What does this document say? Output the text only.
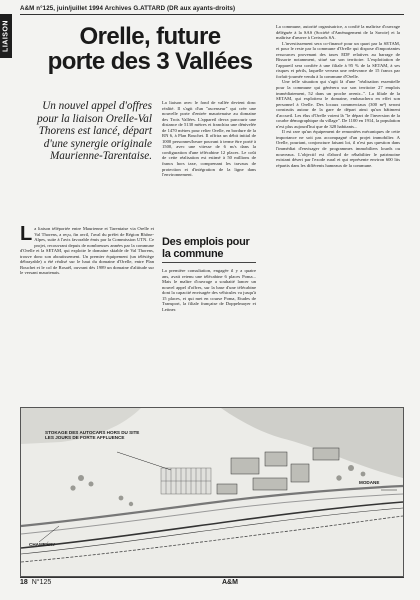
A&M n°125, juin/juillet 1994 Archives G.ATTARD (DR aux ayants-droits)
LIAISON	Orelle, future
porte des 3 Vallées
Un nouvel appel d'offres pour la liaison Orelle-Val Thorens est lancé, départ d'une synergie originale Maurienne-Tarentaise.

La liaison avec le fond de vallée devient donc réalité. Il s'agit d'un "ascenseur" qui crée une nouvelle porte d'entrée maurienaise au domaine des Trois Vallées. L'appareil devra parcourir une distance de 5130 mètres et franchira une dénivelée de 1470 mètres pour relier Orelle, en bordure de la RN 6, à Plan Bouchet. Il offrira un débit initial de 1000 personnes/heure pouvant à terme être porté à 1500, avec une vitesse de 6 m/s dans la configuration d'une télécabine 12 places. Le coût de cette réalisation est estimé à 50 millions de francs hors taxe, comprenant les travaux de protection et d'intégration de la ligne dans l'environnement.

Des emplois pour
la commune

La première consultation, engagée il y a quatre ans, avait retenu une télécabine 6 places Poma... Mais le maître d'ouvrage a souhaité lancer un nouvel appel d'offres, sur la base d'une télécabine dont la capacité envisagée des véhicules va jusqu'à 15 places, et qui met en course Poma, Etudes de Transport, la filiale française de Doppelmayer et Leitner.

La liaison téléportée entre Maurienne et Tarentaise via Orelle et Val Thorens, a reçu, fin avril, l'aval du préfet de Région Rhône-Alpes, suite à l'avis favorable émis par la Commission UTN. Ce projet, recouvrant depuis de nombreuses années par la commune d'Orelle et la SETAM, qui exploite le domaine skiable de Val Thorens, trouve donc son aboutissement. Un premier équipement (un télésiège débrayable) a été réalisé sur le haut du domaine d'Orelle, entre Plan Bouchet et le col de Rosaël, ouvrant dès 1989 un domaine d'altitude sur le versant maurienais.

La commune, autorité organisatrice, a confié la maîtrise d'ouvrage déléguée à la SAS (Société d'Aménagement de la Savoie) et la maîtrise d'œuvre à Creissels SA.

L'investissement sera co-financé pour un quart par la SETAM, et pour le reste par la commune d'Orelle qui dispose d'importantes ressources provenant des taxes EDF relatives au barrage de Bissorte notamment, situé sur son territoire. L'exploitation de l'appareil sera confiée à une filiale à 95 % de la SETAM, à ses risques et périls, laquelle versera une redevance de 15 francs par forfait-journée vendu à la commune d'Orelle.

Une telle situation qui s'agit là d'une "réalisation essentielle pour la commune qui génèrera sur son territoire 27 emplois immédiatement, 52 dans un proche avenir...". La filiale de la SETAM, qui exploitera le domaine, embauchera en effet son personnel à Orelle. Des locaux commerciaux (300 m²) seront construits autour de la gare de départ ainsi qu'un bâtiment d'accueil. Les élus d'Orelle voient là "le départ de l'inversion de la courbe démographique du village". De 1100 en 1914, la population n'est plus aujourd'hui que de 328 habitants...

Il est rare qu'un équipement de remontées mécaniques de cette importance ne soit pas accompagné d'un projet immobilier. A Orelle, pourtant, conjoncture faisant loi, il n'est pas question dans l'immédiat d'envisager de programmes immobiliers lourds ou nouveaux. L'objectif est d'abord de réhabiliter le patrimoine existant désert par l'exode rural et qui représente environ 600 lits répartis dans les différents hameaux de la commune.

STOKAGE DES AUTOCARS HORS DU SITE
LES JOURS DE FORTE AFFLUENCE
MODANE
CHAMBÉRY
18 N°125	A&M
